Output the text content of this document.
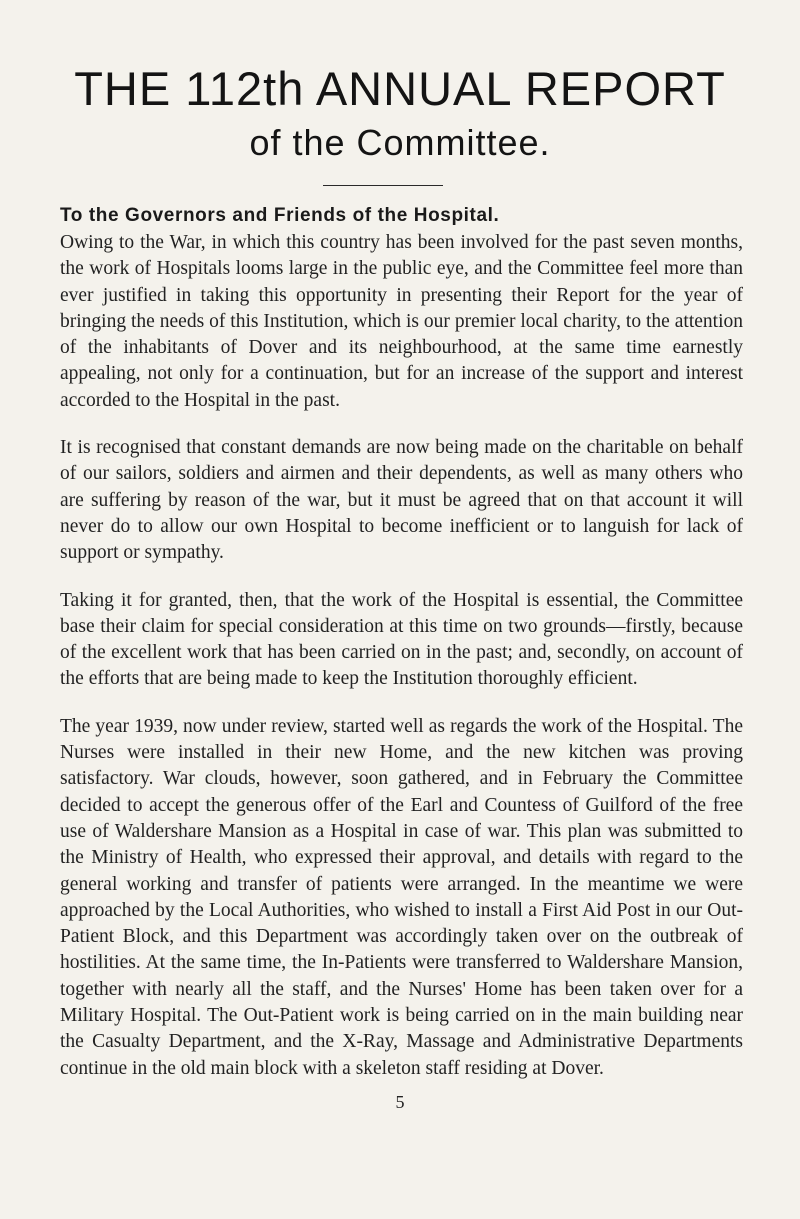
THE 112th ANNUAL REPORT
of the Committee.
To the Governors and Friends of the Hospital.

Owing to the War, in which this country has been involved for the past seven months, the work of Hospitals looms large in the public eye, and the Committee feel more than ever justified in taking this opportunity in presenting their Report for the year of bringing the needs of this Institution, which is our premier local charity, to the attention of the inhabitants of Dover and its neighbourhood, at the same time earnestly appealing, not only for a continuation, but for an increase of the support and interest accorded to the Hospital in the past.

It is recognised that constant demands are now being made on the charitable on behalf of our sailors, soldiers and airmen and their dependents, as well as many others who are suffering by reason of the war, but it must be agreed that on that account it will never do to allow our own Hospital to become inefficient or to languish for lack of support or sympathy.

Taking it for granted, then, that the work of the Hospital is essential, the Committee base their claim for special consideration at this time on two grounds—firstly, because of the excellent work that has been carried on in the past; and, secondly, on account of the efforts that are being made to keep the Institution thoroughly efficient.

The year 1939, now under review, started well as regards the work of the Hospital. The Nurses were installed in their new Home, and the new kitchen was proving satisfactory. War clouds, however, soon gathered, and in February the Committee decided to accept the generous offer of the Earl and Countess of Guilford of the free use of Waldershare Mansion as a Hospital in case of war. This plan was submitted to the Ministry of Health, who expressed their approval, and details with regard to the general working and transfer of patients were arranged. In the meantime we were approached by the Local Authorities, who wished to install a First Aid Post in our Out-Patient Block, and this Department was accordingly taken over on the outbreak of hostilities. At the same time, the In-Patients were transferred to Waldershare Mansion, together with nearly all the staff, and the Nurses' Home has been taken over for a Military Hospital. The Out-Patient work is being carried on in the main building near the Casualty Department, and the X-Ray, Massage and Administrative Departments continue in the old main block with a skeleton staff residing at Dover.

5
